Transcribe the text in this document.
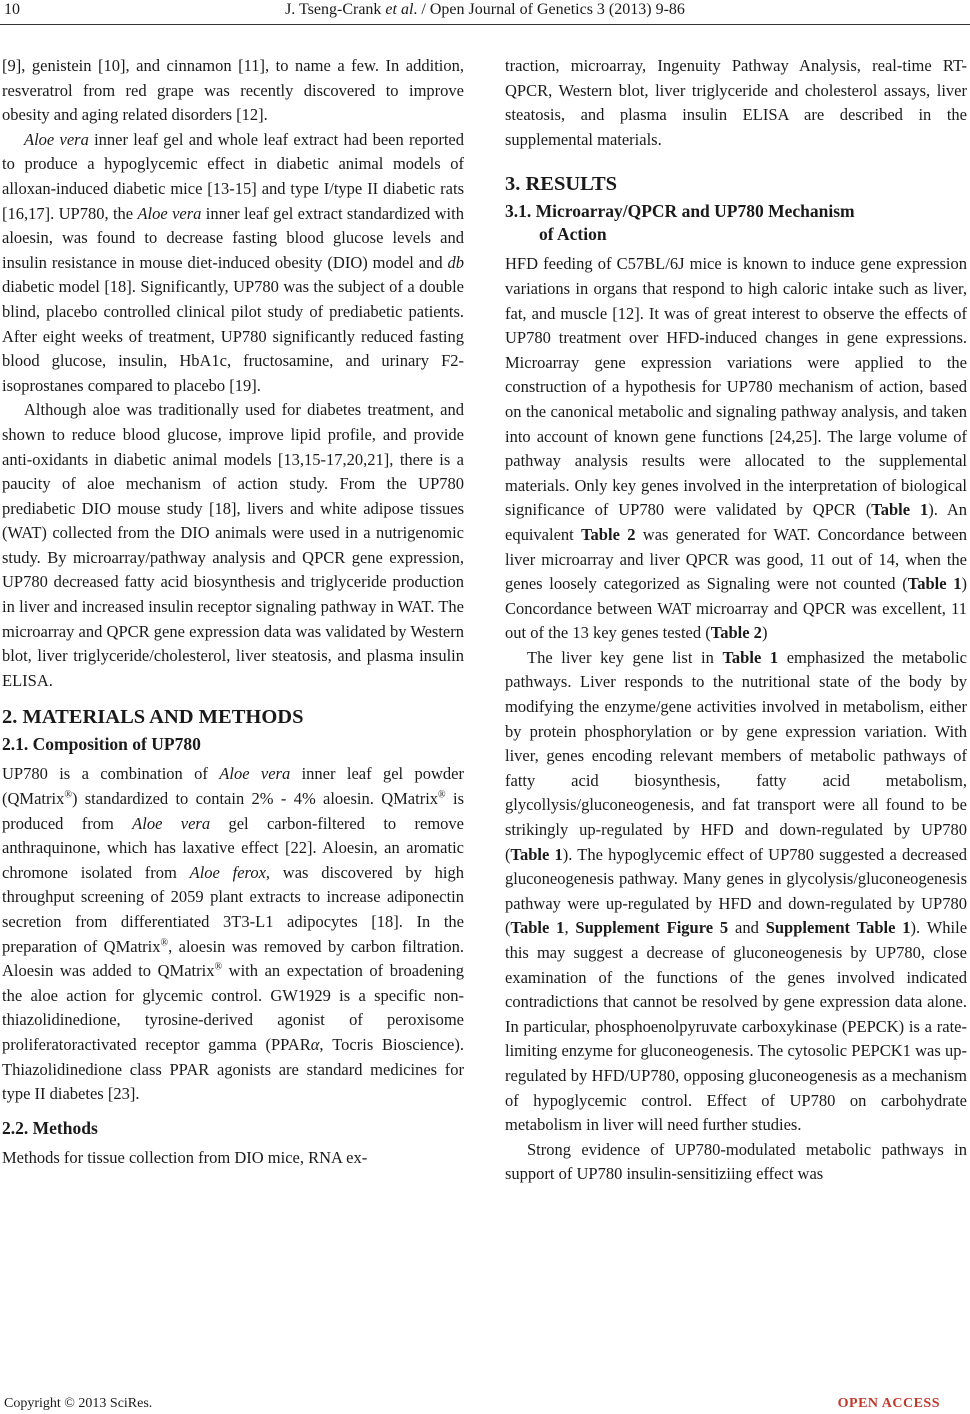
10	J. Tseng-Crank et al. / Open Journal of Genetics 3 (2013) 9-86

[9], genistein [10], and cinnamon [11], to name a few. In addition, resveratrol from red grape was recently discovered to improve obesity and aging related disorders [12].

Aloe vera inner leaf gel and whole leaf extract had been reported to produce a hypoglycemic effect in diabetic animal models of alloxan-induced diabetic mice [13-15] and type I/type II diabetic rats [16,17]. UP780, the Aloe vera inner leaf gel extract standardized with aloesin, was found to decrease fasting blood glucose levels and insulin resistance in mouse diet-induced obesity (DIO) model and db diabetic model [18]. Significantly, UP780 was the subject of a double blind, placebo controlled clinical pilot study of prediabetic patients. After eight weeks of treatment, UP780 significantly reduced fasting blood glucose, insulin, HbA1c, fructosamine, and urinary F2-isoprostanes compared to placebo [19].

Although aloe was traditionally used for diabetes treatment, and shown to reduce blood glucose, improve lipid profile, and provide anti-oxidants in diabetic animal models [13,15-17,20,21], there is a paucity of aloe mechanism of action study. From the UP780 prediabetic DIO mouse study [18], livers and white adipose tissues (WAT) collected from the DIO animals were used in a nutrigenomic study. By microarray/pathway analysis and QPCR gene expression, UP780 decreased fatty acid biosynthesis and triglyceride production in liver and increased insulin receptor signaling pathway in WAT. The microarray and QPCR gene expression data was validated by Western blot, liver triglyceride/cholesterol, liver steatosis, and plasma insulin ELISA.

2. MATERIALS AND METHODS
2.1. Composition of UP780

UP780 is a combination of Aloe vera inner leaf gel powder (QMatrix®) standardized to contain 2% - 4% aloesin. QMatrix® is produced from Aloe vera gel carbon-filtered to remove anthraquinone, which has laxative effect [22]. Aloesin, an aromatic chromone isolated from Aloe ferox, was discovered by high throughput screening of 2059 plant extracts to increase adiponectin secretion from differentiated 3T3-L1 adipocytes [18]. In the preparation of QMatrix®, aloesin was removed by carbon filtration. Aloesin was added to QMatrix® with an expectation of broadening the aloe action for glycemic control. GW1929 is a specific non-thiazolidinedione, tyrosine-derived agonist of peroxisome proliferatoractivated receptor gamma (PPARα, Tocris Bioscience). Thiazolidinedione class PPAR agonists are standard medicines for type II diabetes [23].

2.2. Methods

Methods for tissue collection from DIO mice, RNA ex-

traction, microarray, Ingenuity Pathway Analysis, real-time RT-QPCR, Western blot, liver triglyceride and cholesterol assays, liver steatosis, and plasma insulin ELISA are described in the supplemental materials.

3. RESULTS
3.1. Microarray/QPCR and UP780 Mechanism
of Action

HFD feeding of C57BL/6J mice is known to induce gene expression variations in organs that respond to high caloric intake such as liver, fat, and muscle [12]. It was of great interest to observe the effects of UP780 treatment over HFD-induced changes in gene expressions. Microarray gene expression variations were applied to the construction of a hypothesis for UP780 mechanism of action, based on the canonical metabolic and signaling pathway analysis, and taken into account of known gene functions [24,25]. The large volume of pathway analysis results were allocated to the supplemental materials. Only key genes involved in the interpretation of biological significance of UP780 were validated by QPCR (Table 1). An equivalent Table 2 was generated for WAT. Concordance between liver microarray and liver QPCR was good, 11 out of 14, when the genes loosely categorized as Signaling were not counted (Table 1) Concordance between WAT microarray and QPCR was excellent, 11 out of the 13 key genes tested (Table 2)

The liver key gene list in Table 1 emphasized the metabolic pathways. Liver responds to the nutritional state of the body by modifying the enzyme/gene activities involved in metabolism, either by protein phosphorylation or by gene expression variation. With liver, genes encoding relevant members of metabolic pathways of fatty acid biosynthesis, fatty acid metabolism, glycollysis/gluconeogenesis, and fat transport were all found to be strikingly up-regulated by HFD and down-regulated by UP780 (Table 1). The hypoglycemic effect of UP780 suggested a decreased gluconeogenesis pathway. Many genes in glycolysis/gluconeogenesis pathway were up-regulated by HFD and down-regulated by UP780 (Table 1, Supplement Figure 5 and Supplement Table 1). While this may suggest a decrease of gluconeogenesis by UP780, close examination of the functions of the genes involved indicated contradictions that cannot be resolved by gene expression data alone. In particular, phosphoenolpyruvate carboxykinase (PEPCK) is a rate-limiting enzyme for gluconeogenesis. The cytosolic PEPCK1 was up-regulated by HFD/UP780, opposing gluconeogenesis as a mechanism of hypoglycemic control. Effect of UP780 on carbohydrate metabolism in liver will need further studies.

Strong evidence of UP780-modulated metabolic pathways in support of UP780 insulin-sensitiziing effect was

Copyright © 2013 SciRes.	OPEN ACCESS
